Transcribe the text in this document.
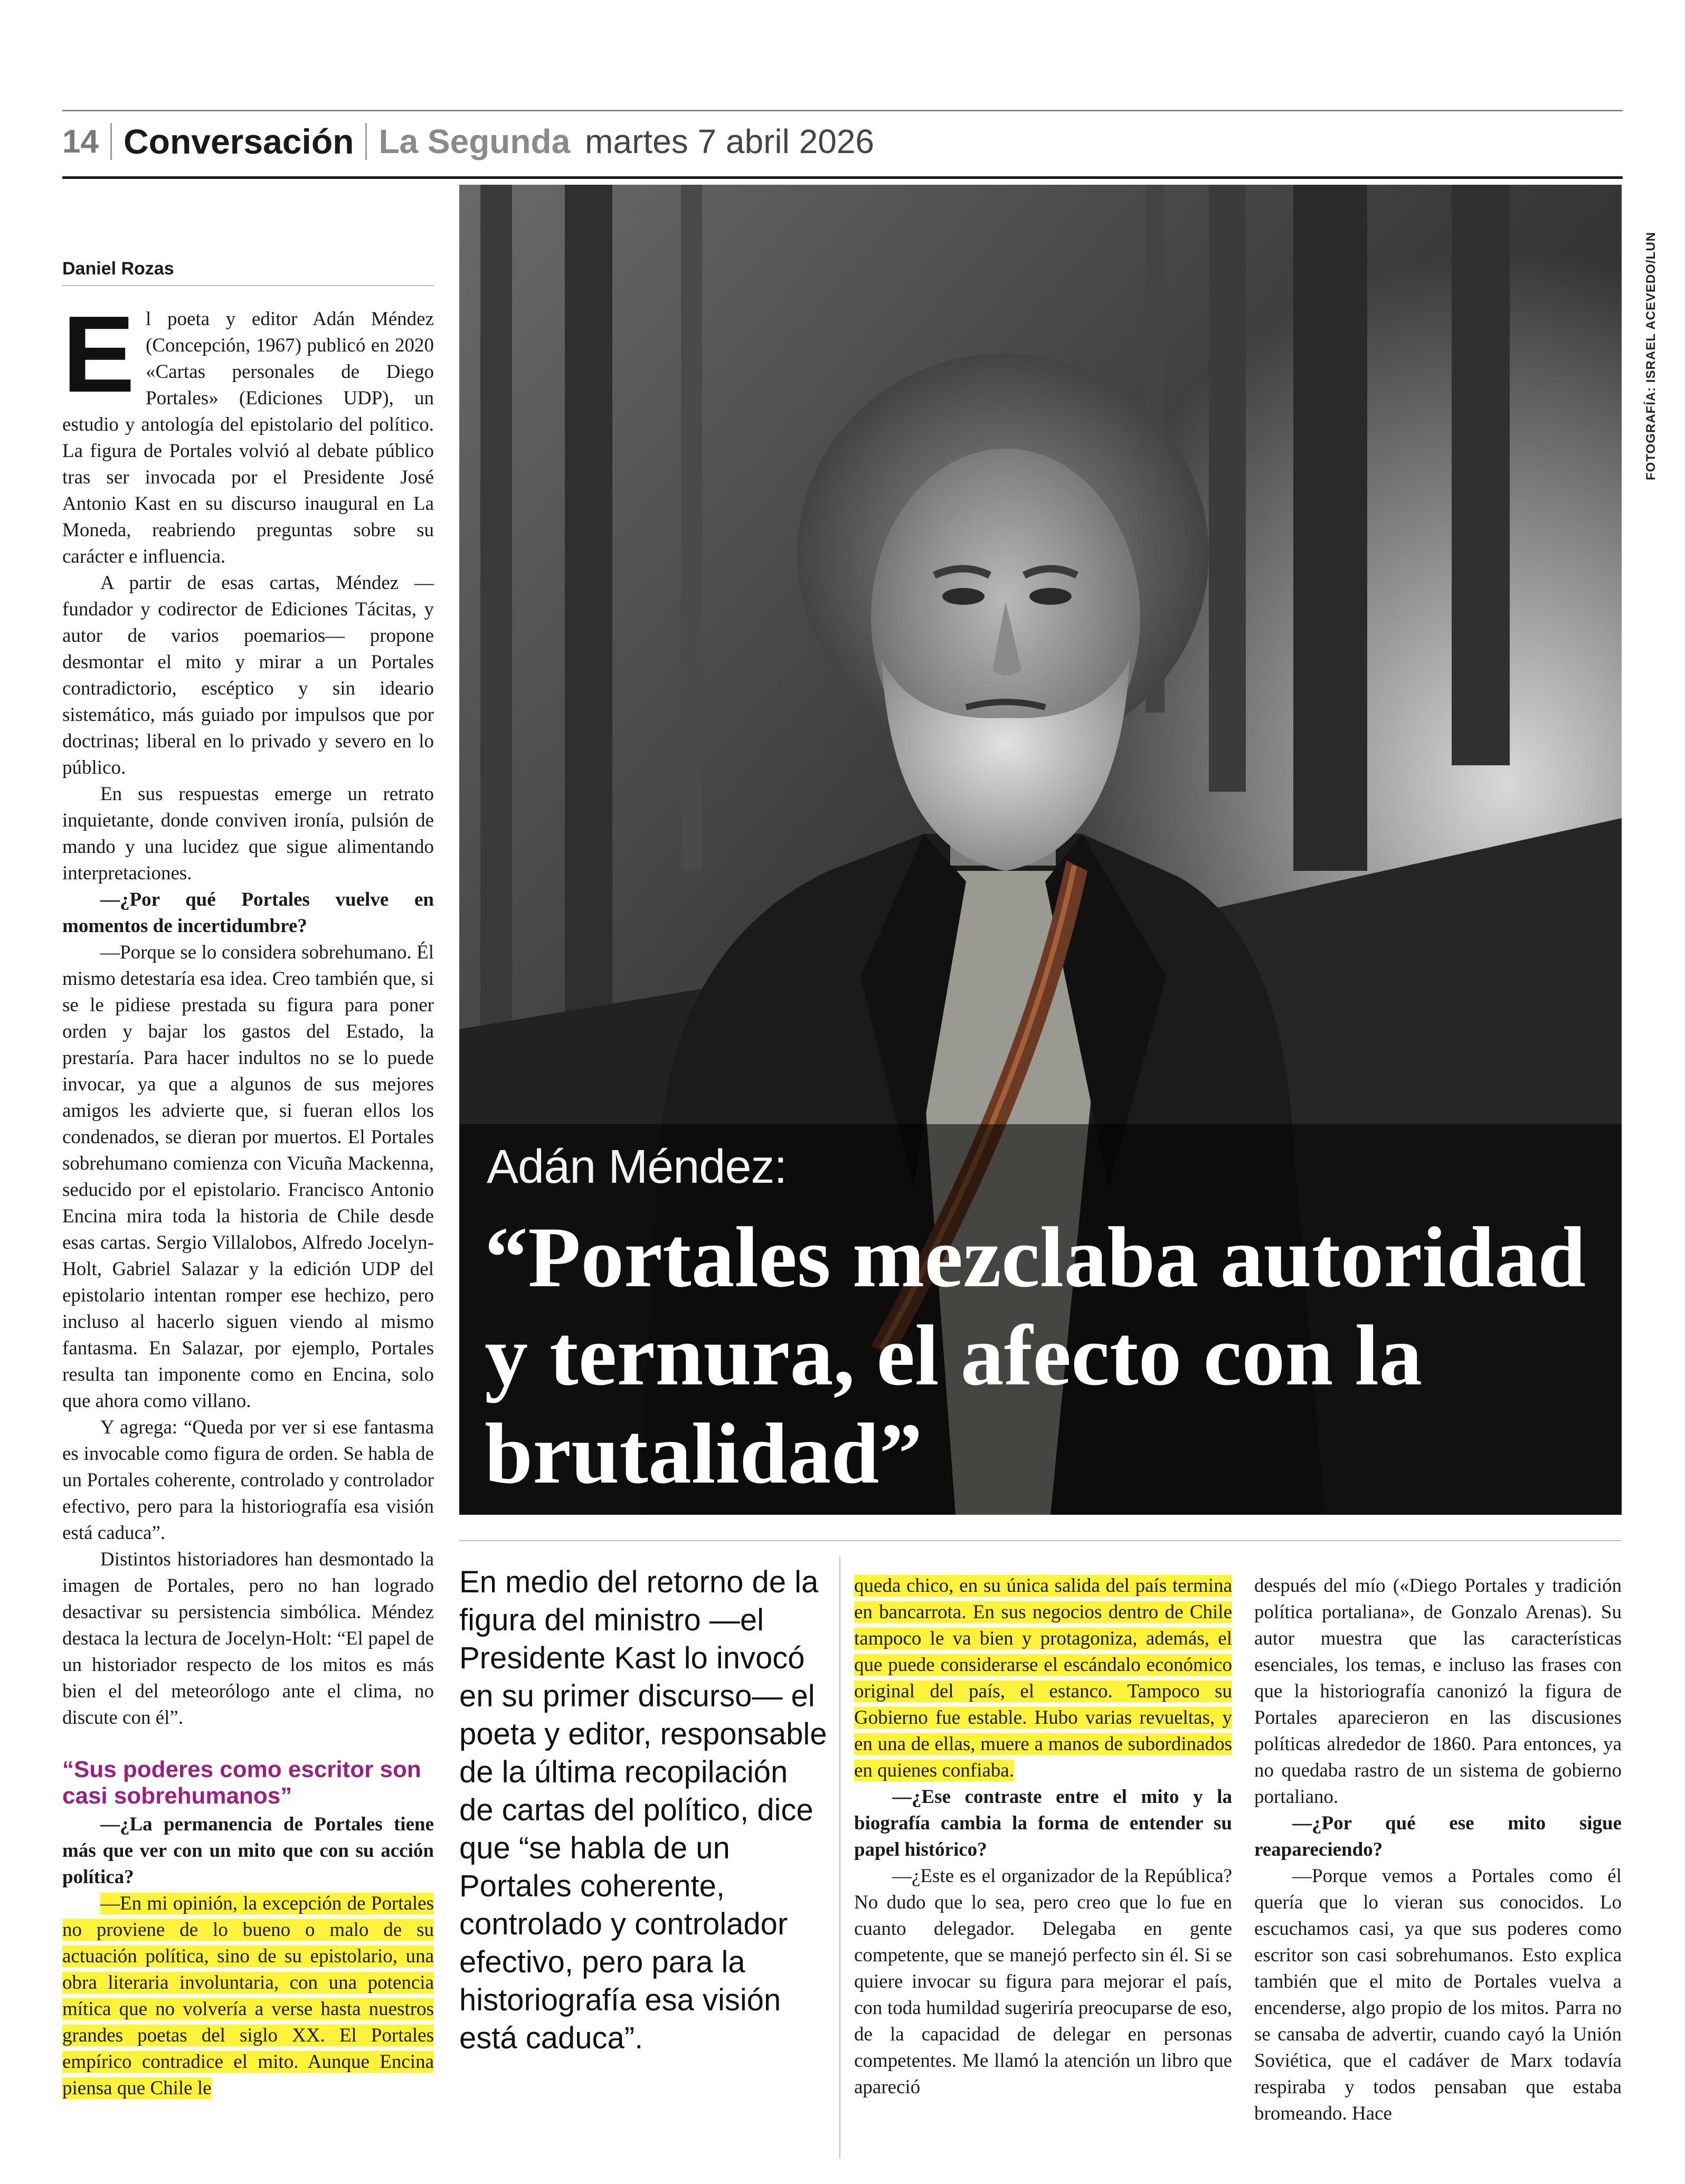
14 Conversación La Segunda martes 7 abril 2026
Daniel Rozas
E l poeta y editor Adán Méndez (Concepción, 1967) publicó en 2020 «Cartas personales de Diego Portales» (Ediciones UDP), un estudio y antología del epistolario del político. La figura de Portales volvió al debate público tras ser invocada por el Presidente José Antonio Kast en su discurso inaugural en La Moneda, reabriendo preguntas sobre su carácter e influencia.

A partir de esas cartas, Méndez —fundador y codirector de Ediciones Tácitas, y autor de varios poemarios— propone desmontar el mito y mirar a un Portales contradictorio, escéptico y sin ideario sistemático, más guiado por impulsos que por doctrinas; liberal en lo privado y severo en lo público.

En sus respuestas emerge un retrato inquietante, donde conviven ironía, pulsión de mando y una lucidez que sigue alimentando interpretaciones.

—¿Por qué Portales vuelve en momentos de incertidumbre?

—Porque se lo considera sobrehumano. Él mismo detestaría esa idea. Creo también que, si se le pidiese prestada su figura para poner orden y bajar los gastos del Estado, la prestaría. Para hacer indultos no se lo puede invocar, ya que a algunos de sus mejores amigos les advierte que, si fueran ellos los condenados, se dieran por muertos. El Portales sobrehumano comienza con Vicuña Mackenna, seducido por el epistolario. Francisco Antonio Encina mira toda la historia de Chile desde esas cartas. Sergio Villalobos, Alfredo Jocelyn-Holt, Gabriel Salazar y la edición UDP del epistolario intentan romper ese hechizo, pero incluso al hacerlo siguen viendo al mismo fantasma. En Salazar, por ejemplo, Portales resulta tan imponente como en Encina, solo que ahora como villano.

Y agrega: “Queda por ver si ese fantasma es invocable como figura de orden. Se habla de un Portales coherente, controlado y controlador efectivo, pero para la historiografía esa visión está caduca”.

Distintos historiadores han desmontado la imagen de Portales, pero no han logrado desactivar su persistencia simbólica. Méndez destaca la lectura de Jocelyn-Holt: “El papel de un historiador respecto de los mitos es más bien el del meteorólogo ante el clima, no discute con él”.

“Sus poderes como escritor son casi sobrehumanos”

—¿La permanencia de Portales tiene más que ver con un mito que con su acción política?

—En mi opinión, la excepción de Portales no proviene de lo bueno o malo de su actuación política, sino de su epistolario, una obra literaria involuntaria, con una potencia mítica que no volvería a verse hasta nuestros grandes poetas del siglo XX. El Portales empírico contradice el mito. Aunque Encina piensa que Chile le

FOTOGRAFÍA: ISRAEL ACEVEDO/LUN
Adán Méndez:
“Portales mezclaba autoridad y ternura, el afecto con la brutalidad”
En medio del retorno de la figura del ministro —el Presidente Kast lo invocó en su primer discurso— el poeta y editor, responsable de la última recopilación de cartas del político, dice que “se habla de un Portales coherente, controlado y controlador efectivo, pero para la historiografía esa visión está caduca”.

queda chico, en su única salida del país termina en bancarrota. En sus negocios dentro de Chile tampoco le va bien y protagoniza, además, el que puede considerarse el escándalo económico original del país, el estanco. Tampoco su Gobierno fue estable. Hubo varias revueltas, y en una de ellas, muere a manos de subordinados en quienes confiaba.

—¿Ese contraste entre el mito y la biografía cambia la forma de entender su papel histórico?

—¿Este es el organizador de la República? No dudo que lo sea, pero creo que lo fue en cuanto delegador. Delegaba en gente competente, que se manejó perfecto sin él. Si se quiere invocar su figura para mejorar el país, con toda humildad sugeriría preocuparse de eso, de la capacidad de delegar en personas competentes. Me llamó la atención un libro que apareció

después del mío («Diego Portales y tradición política portaliana», de Gonzalo Arenas). Su autor muestra que las características esenciales, los temas, e incluso las frases con que la historiografía canonizó la figura de Portales aparecieron en las discusiones políticas alrededor de 1860. Para entonces, ya no quedaba rastro de un sistema de gobierno portaliano.

—¿Por qué ese mito sigue reapareciendo?

—Porque vemos a Portales como él quería que lo vieran sus conocidos. Lo escuchamos casi, ya que sus poderes como escritor son casi sobrehumanos. Esto explica también que el mito de Portales vuelva a encenderse, algo propio de los mitos. Parra no se cansaba de advertir, cuando cayó la Unión Soviética, que el cadáver de Marx todavía respiraba y todos pensaban que estaba bromeando. Hace
